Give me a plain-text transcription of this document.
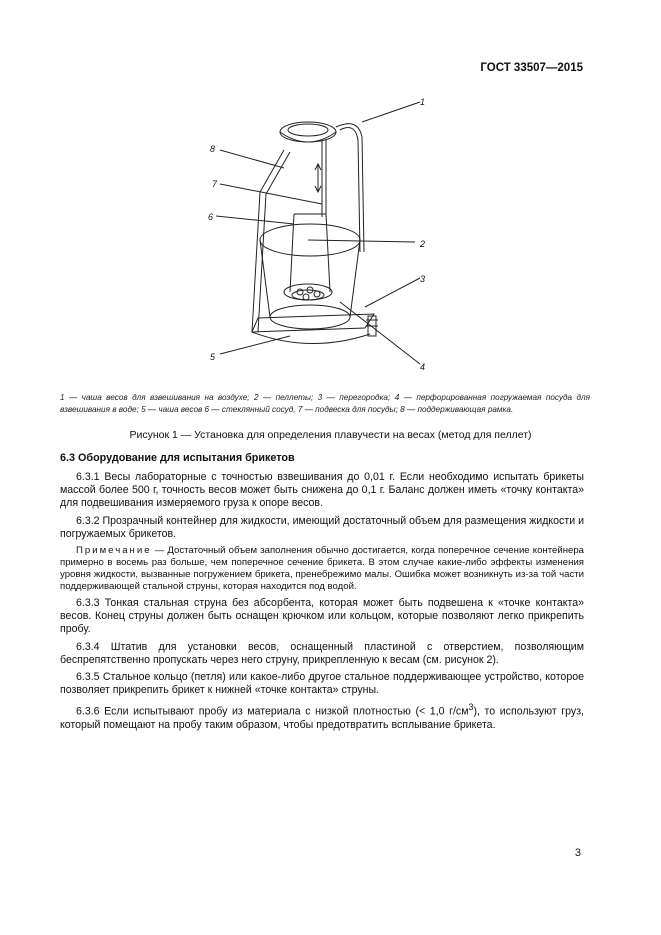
ГОСТ 33507—2015
1
2
3
4
5
6
7
8
1 — чаша весов для взвешивания на воздухе; 2 — пеллеты; 3 — перегородка; 4 — перфорированная погружаемая посуда для взвешивания в воде; 5 — чаша весов 6 — стеклянный сосуд, 7 — подвеска для посуды; 8 — поддерживающая рамка.
Рисунок 1 — Установка для определения плавучести на весах (метод для пеллет)
6.3 Оборудование для испытания брикетов

6.3.1 Весы лабораторные с точностью взвешивания до 0,01 г. Если необходимо испытать брикеты массой более 500 г, точность весов может быть снижена до 0,1 г. Баланс должен иметь «точку контакта» для подвешивания измеряемого груза к опоре весов.

6.3.2 Прозрачный контейнер для жидкости, имеющий достаточный объем для размещения жидкости и погружаемых брикетов.

Примечание — Достаточный объем заполнения обычно достигается, когда поперечное сечение контейнера примерно в восемь раз больше, чем поперечное сечение брикета. В этом случае какие-либо эффекты изменения уровня жидкости, вызванные погружением брикета, пренебрежимо малы. Ошибка может возникнуть из-за той части поддерживающей стальной струны, которая находится под водой.

6.3.3 Тонкая стальная струна без абсорбента, которая может быть подвешена к «точке контакта» весов. Конец струны должен быть оснащен крючком или кольцом, которые позволяют легко прикрепить пробу.

6.3.4 Штатив для установки весов, оснащенный пластиной с отверстием, позволяющим беспрепятственно пропускать через него струну, прикрепленную к весам (см. рисунок 2).

6.3.5 Стальное кольцо (петля) или какое-либо другое стальное поддерживающее устройство, которое позволяет прикрепить брикет к нижней «точке контакта» струны.

6.3.6 Если испытывают пробу из материала с низкой плотностью (< 1,0 $г/см^3$), то используют груз, который помещают на пробу таким образом, чтобы предотвратить всплывание брикета.

3
